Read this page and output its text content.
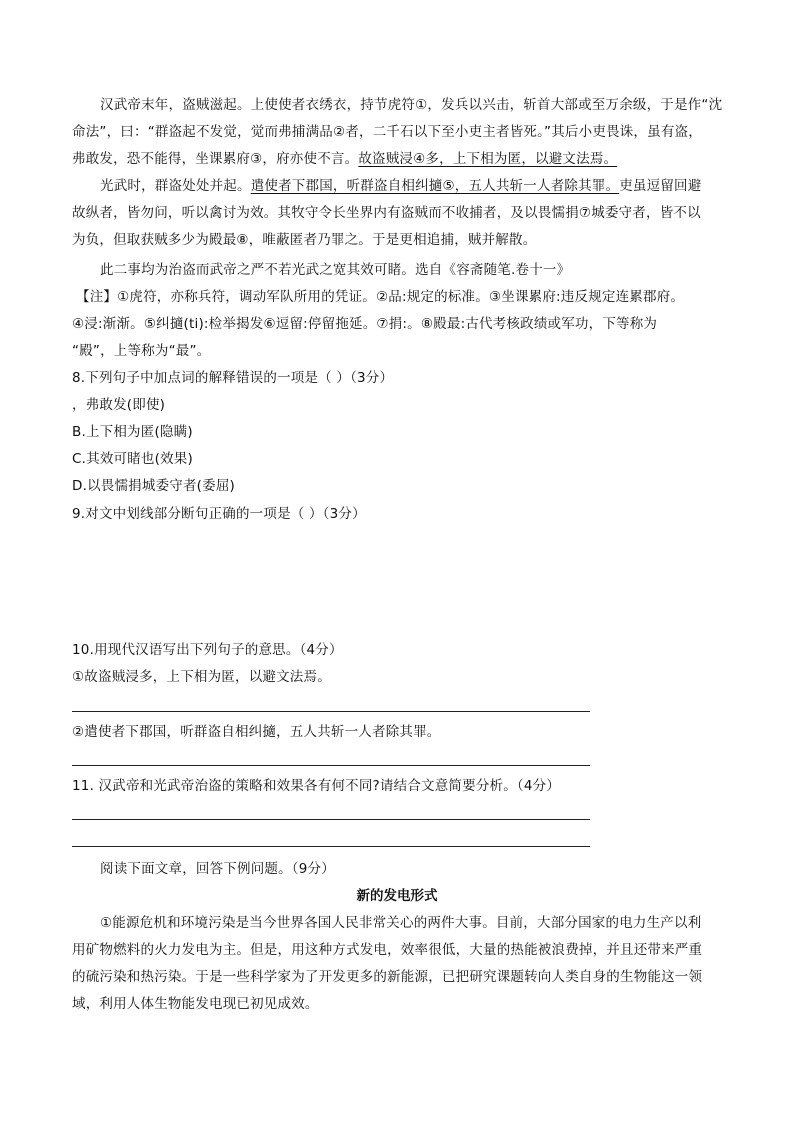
汉武帝末年，盗贼滋起。上使使者衣绣衣，持节虎符①，发兵以兴击，斩首大部或至万余级，于是作“沈
命法”，曰：“群盗起不发觉，觉而弗捕满品②者，二千石以下至小吏主者皆死。”其后小吏畏诛，虽有盗，
弗敢发，恐不能得，坐课累府③，府亦使不言。故盗贼浸④多，上下相为匿，以避文法焉。
光武时，群盗处处并起。遣使者下郡国，听群盗自相纠擿⑤，五人共斩一人者除其罪。吏虽逗留回避
故纵者，皆勿问，听以禽讨为效。其牧守令长坐界内有盗贼而不收捕者，及以畏懦捐⑦城委守者，皆不以
为负，但取获贼多少为殿最⑧，唯蔽匿者乃罪之。于是更相追捕，贼并解散。
此二事均为治盗而武帝之严不若光武之宽其效可睹。选自《容斋随笔.卷十一》
【注】①虎符，亦称兵符，调动军队所用的凭证。②品:规定的标准。③坐课累府:违反规定连累郡府。
④浸:渐渐。⑤纠擿(ti):检举揭发⑥逗留:停留拖延。⑦捐:。⑧殿最:古代考核政绩或军功，下等称为
“殿”，上等称为“最”。
8.下列句子中加点词的解释错误的一项是（ ）（3分）
，弗敢发(即使)
B.上下相为匿(隐瞒)
C.其效可睹也(效果)
D.以畏懦捐城委守者(委屈)
9.对文中划线部分断句正确的一项是（ ）（3分）
10.用现代汉语写出下列句子的意思。（4分）
①故盗贼浸多，上下相为匿，以避文法焉。
②遣使者下郡国，听群盗自相纠擿，五人共斩一人者除其罪。
11. 汉武帝和光武帝治盗的策略和效果各有何不同?请结合文意简要分析。（4分）
阅读下面文章，回答下例问题。（9分）
新的发电形式
①能源危机和环境污染是当今世界各国人民非常关心的两件大事。目前，大部分国家的电力生产以利
用矿物燃料的火力发电为主。但是，用这种方式发电，效率很低，大量的热能被浪费掉，并且还带来严重
的硫污染和热污染。于是一些科学家为了开发更多的新能源，已把研究课题转向人类自身的生物能这一领
域，利用人体生物能发电现已初见成效。
